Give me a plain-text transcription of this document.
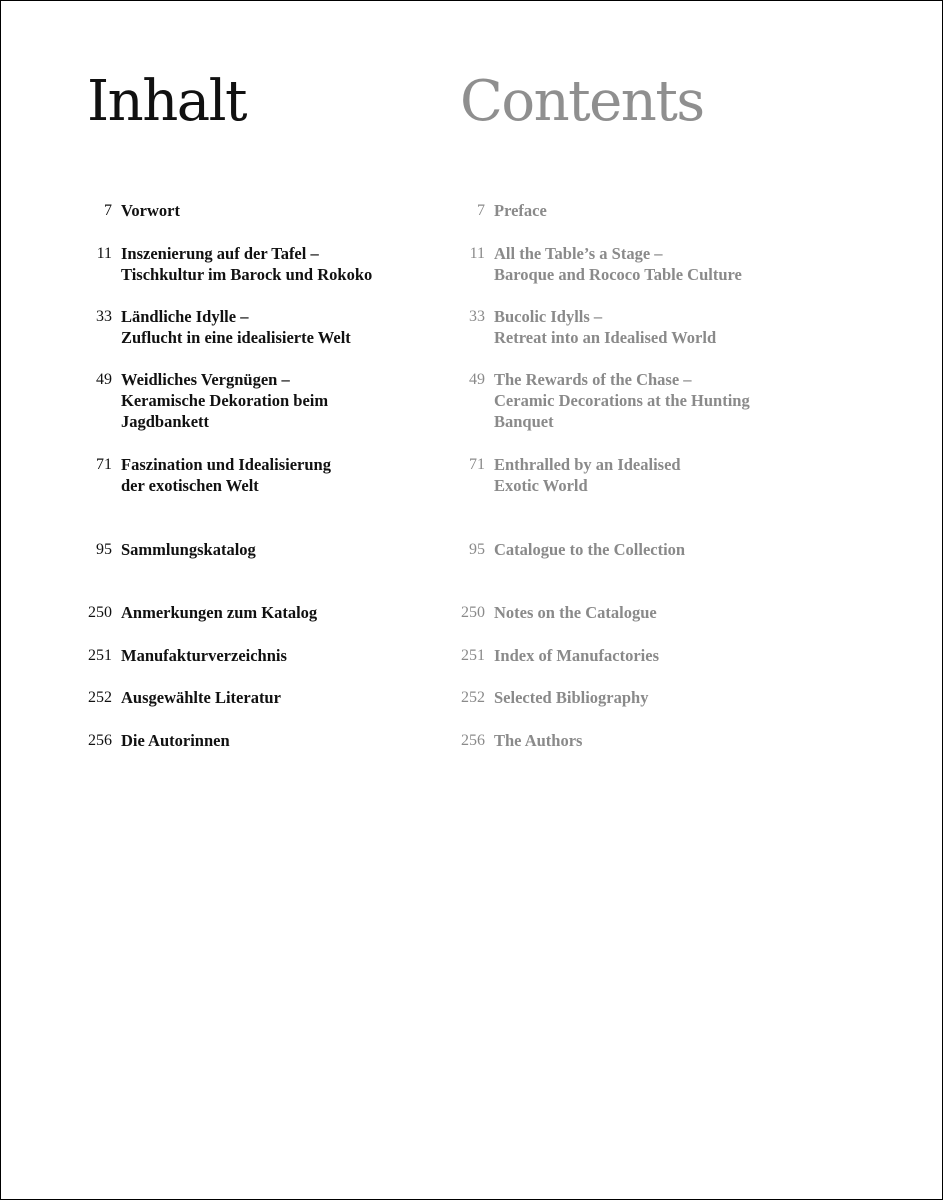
Inhalt
7 Vorwort
11 Inszenierung auf der Tafel –
Tischkultur im Barock und Rokoko
33 Ländliche Idylle –
Zuflucht in eine idealisierte Welt
49 Weidliches Vergnügen –
Keramische Dekoration beim
Jagdbankett
71 Faszination und Idealisierung
der exotischen Welt
95 Sammlungskatalog
250 Anmerkungen zum Katalog
251 Manufakturverzeichnis
252 Ausgewählte Literatur
256 Die Autorinnen
Contents
7 Preface
11 All the Table’s a Stage –
Baroque and Rococo Table Culture
33 Bucolic Idylls –
Retreat into an Idealised World
49 The Rewards of the Chase –
Ceramic Decorations at the Hunting
Banquet
71 Enthralled by an Idealised
Exotic World
95 Catalogue to the Collection
250 Notes on the Catalogue
251 Index of Manufactories
252 Selected Bibliography
256 The Authors
